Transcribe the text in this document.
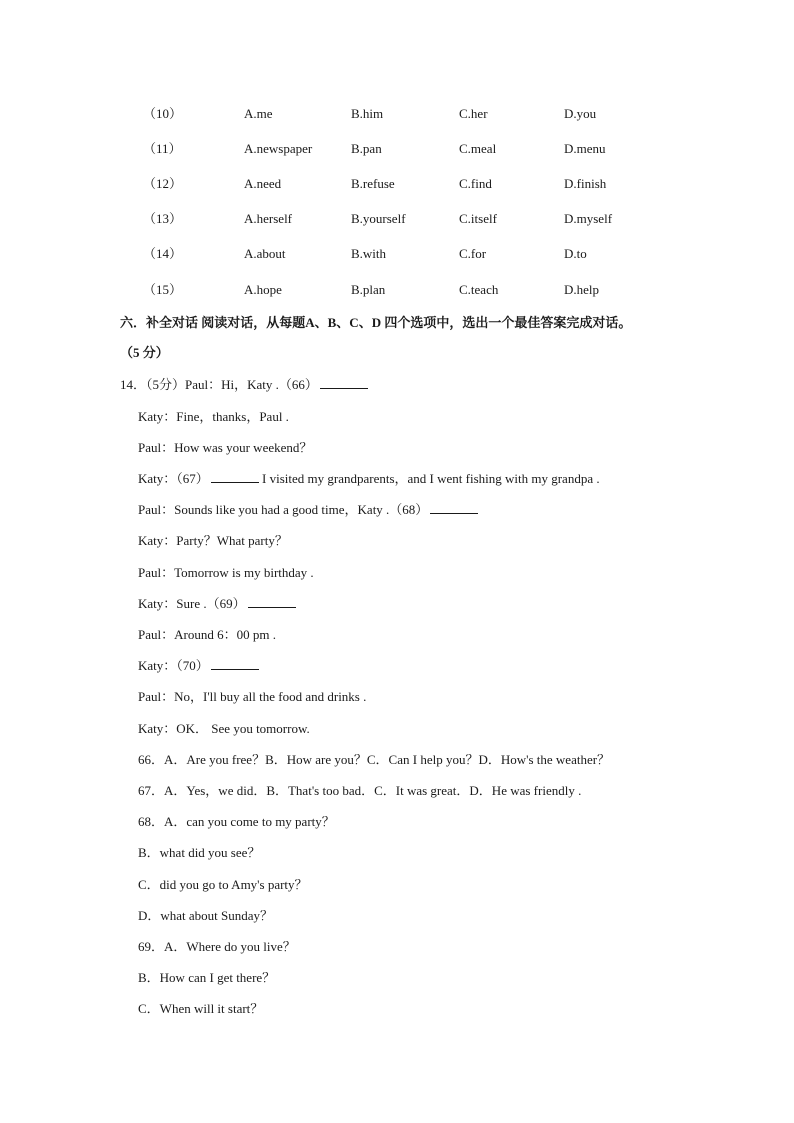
（10）	A.me	B.him	C.her	D.you
（11）	A.newspaper	B.pan	C.meal	D.menu
（12）	A.need	B.refuse	C.find	D.finish
（13）	A.herself	B.yourself	C.itself	D.myself
（14）	A.about	B.with	C.for	D.to
（15）	A.hope	B.plan	C.teach	D.help
六．补全对话 阅读对话，从每题A、B、C、D 四个选项中，选出一个最佳答案完成对话。
（5 分）
14．（5分）Paul：Hi，Katy .（66）
Katy：Fine，thanks，Paul .
Paul：How was your weekend？
Katy：（67）	I visited my grandparents，and I went fishing with my grandpa .
Paul：Sounds like you had a good time，Katy .（68）
Katy：Party？What party？
Paul：Tomorrow is my birthday .
Katy：Sure .（69）
Paul：Around 6：00 pm .
Katy：（70）
Paul：No，I'll buy all the food and drinks .
Katy：OK． See you tomorrow.
66．A．Are you free？B．How are you？C．Can I help you？D．How's the weather？
67．A．Yes，we did．B．That's too bad．C．It was great．D．He was friendly .
68．A．can you come to my party？
B．what did you see？
C．did you go to Amy's party？
D．what about Sunday？
69．A．Where do you live？
B．How can I get there？
C．When will it start？
